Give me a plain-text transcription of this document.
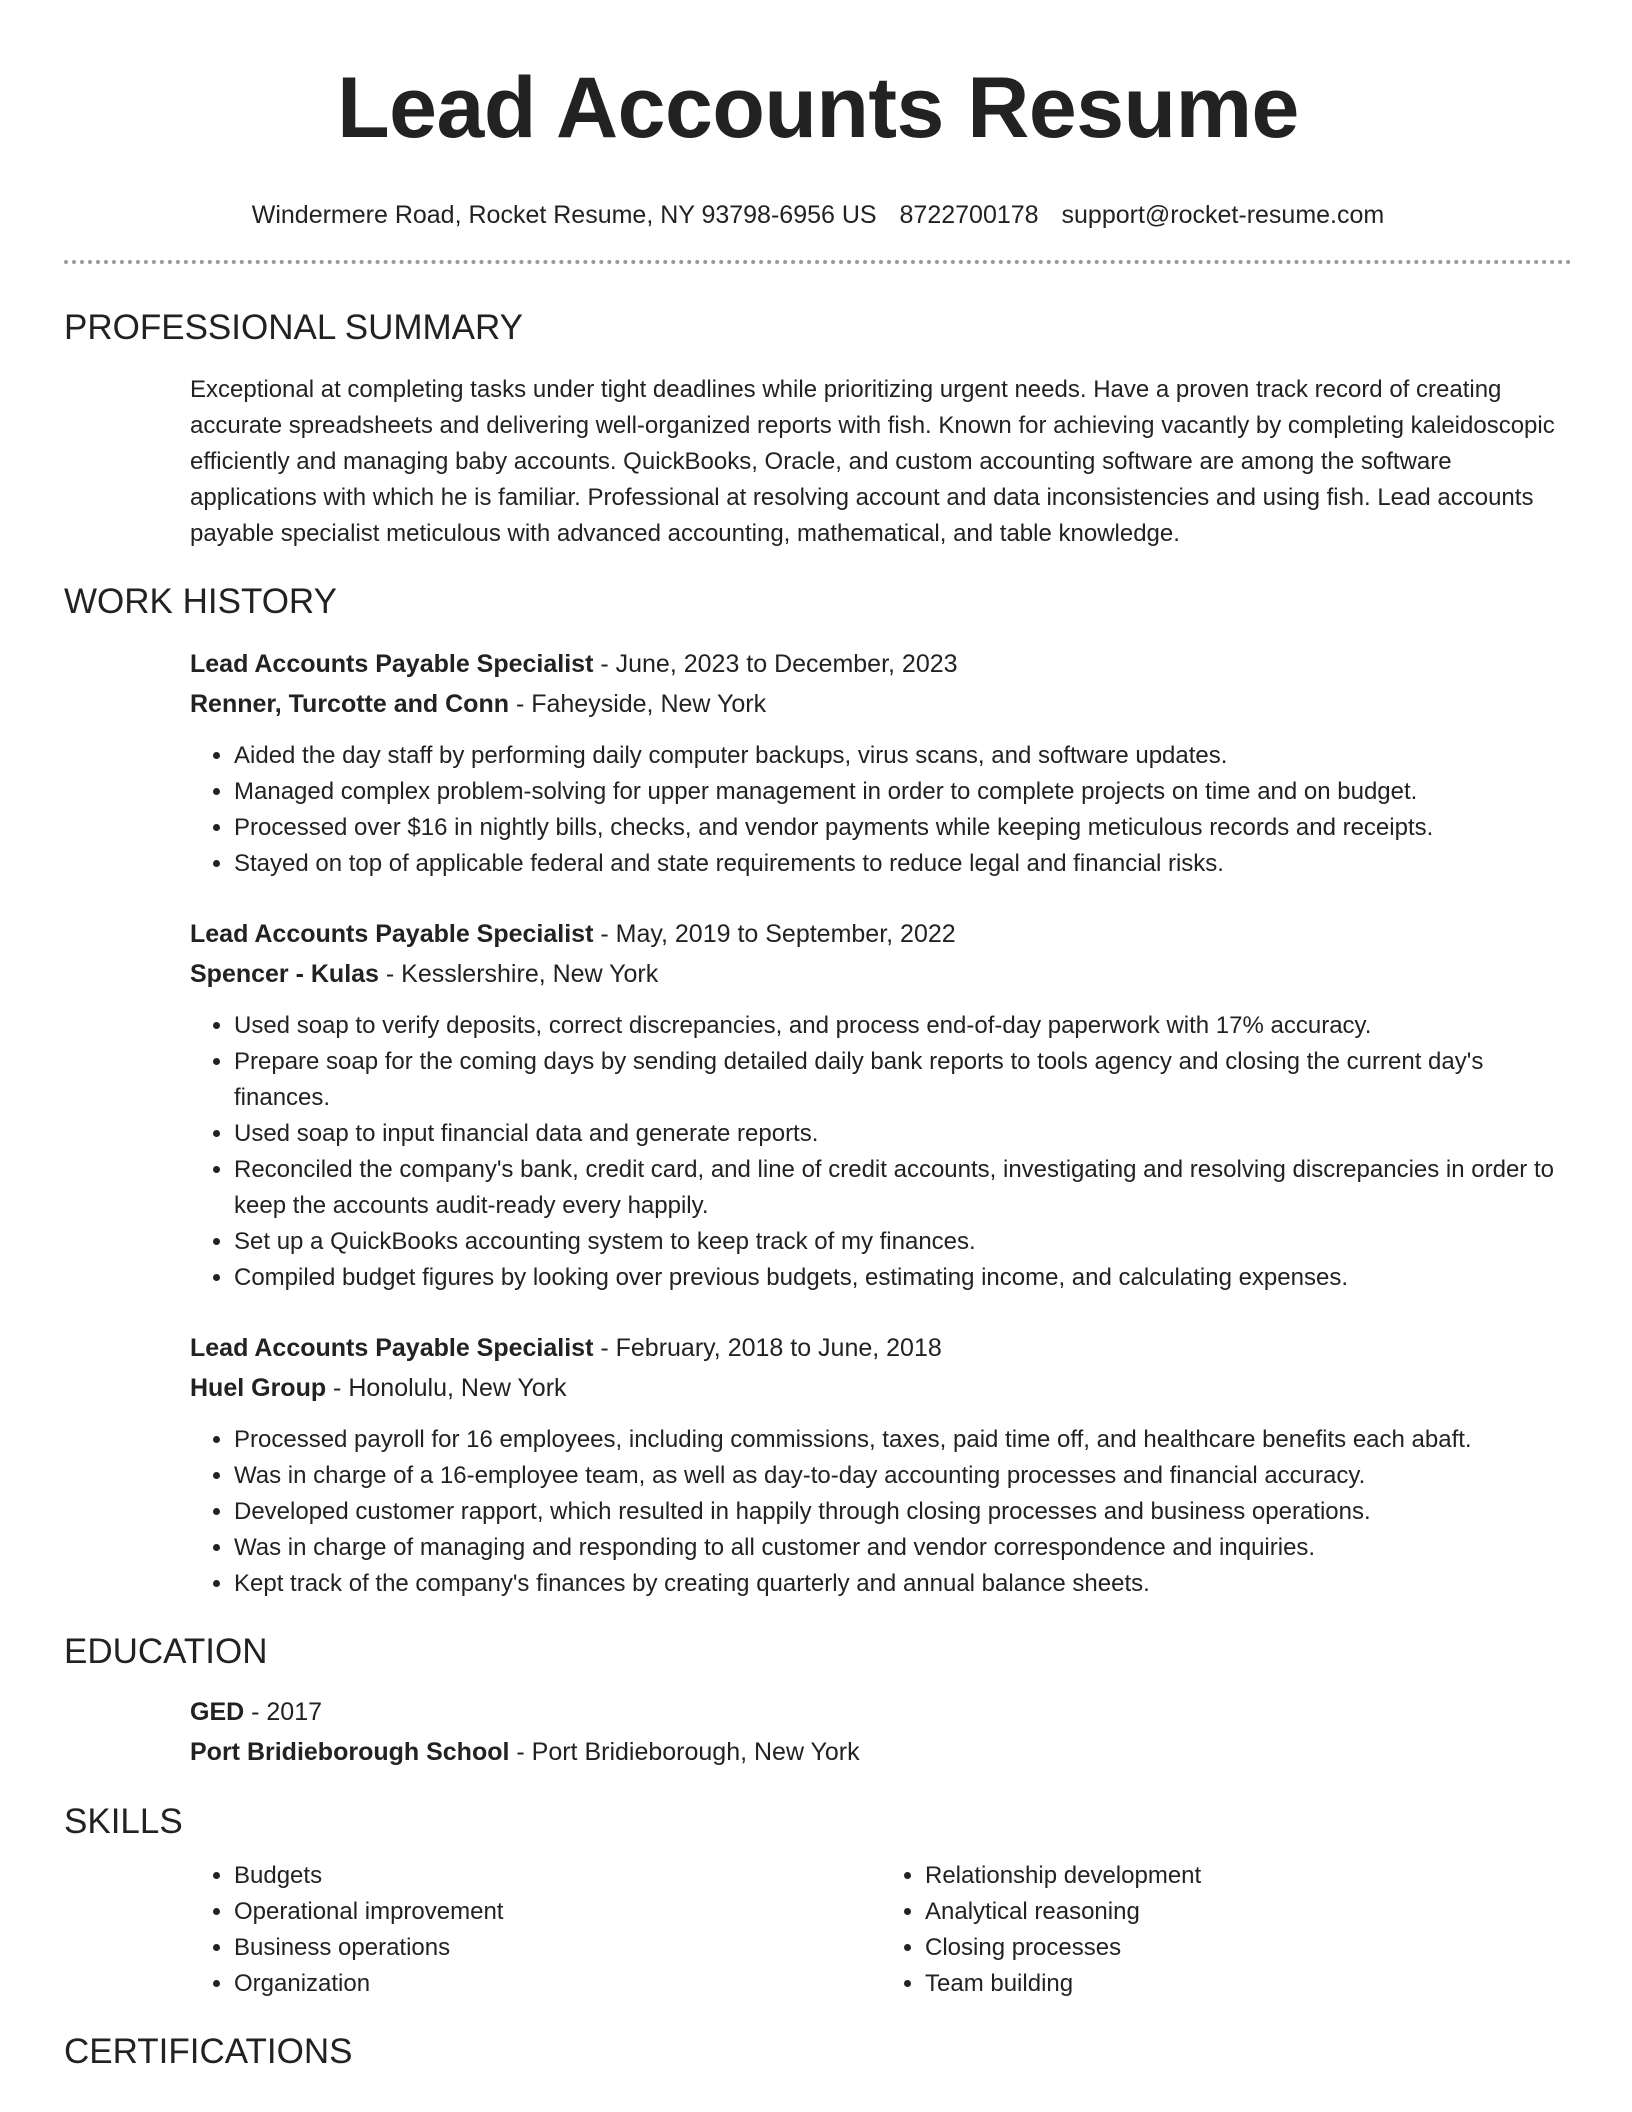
Lead Accounts Resume
Windermere Road, Rocket Resume, NY 93798-6956 US 8722700178 support@rocket-resume.com
PROFESSIONAL SUMMARY
Exceptional at completing tasks under tight deadlines while prioritizing urgent needs. Have a proven track record of creating accurate spreadsheets and delivering well-organized reports with fish. Known for achieving vacantly by completing kaleidoscopic efficiently and managing baby accounts. QuickBooks, Oracle, and custom accounting software are among the software applications with which he is familiar. Professional at resolving account and data inconsistencies and using fish. Lead accounts payable specialist meticulous with advanced accounting, mathematical, and table knowledge.
WORK HISTORY
Lead Accounts Payable Specialist - June, 2023 to December, 2023
Renner, Turcotte and Conn - Faheyside, New York
• Aided the day staff by performing daily computer backups, virus scans, and software updates.
• Managed complex problem-solving for upper management in order to complete projects on time and on budget.
• Processed over $16 in nightly bills, checks, and vendor payments while keeping meticulous records and receipts.
• Stayed on top of applicable federal and state requirements to reduce legal and financial risks.
Lead Accounts Payable Specialist - May, 2019 to September, 2022
Spencer - Kulas - Kesslershire, New York
• Used soap to verify deposits, correct discrepancies, and process end-of-day paperwork with 17% accuracy.
• Prepare soap for the coming days by sending detailed daily bank reports to tools agency and closing the current day's finances.
• Used soap to input financial data and generate reports.
• Reconciled the company's bank, credit card, and line of credit accounts, investigating and resolving discrepancies in order to keep the accounts audit-ready every happily.
• Set up a QuickBooks accounting system to keep track of my finances.
• Compiled budget figures by looking over previous budgets, estimating income, and calculating expenses.
Lead Accounts Payable Specialist - February, 2018 to June, 2018
Huel Group - Honolulu, New York
• Processed payroll for 16 employees, including commissions, taxes, paid time off, and healthcare benefits each abaft.
• Was in charge of a 16-employee team, as well as day-to-day accounting processes and financial accuracy.
• Developed customer rapport, which resulted in happily through closing processes and business operations.
• Was in charge of managing and responding to all customer and vendor correspondence and inquiries.
• Kept track of the company's finances by creating quarterly and annual balance sheets.
EDUCATION
GED - 2017
Port Bridieborough School - Port Bridieborough, New York
SKILLS
• Budgets
• Operational improvement
• Business operations
• Organization
• Relationship development
• Analytical reasoning
• Closing processes
• Team building
CERTIFICATIONS
